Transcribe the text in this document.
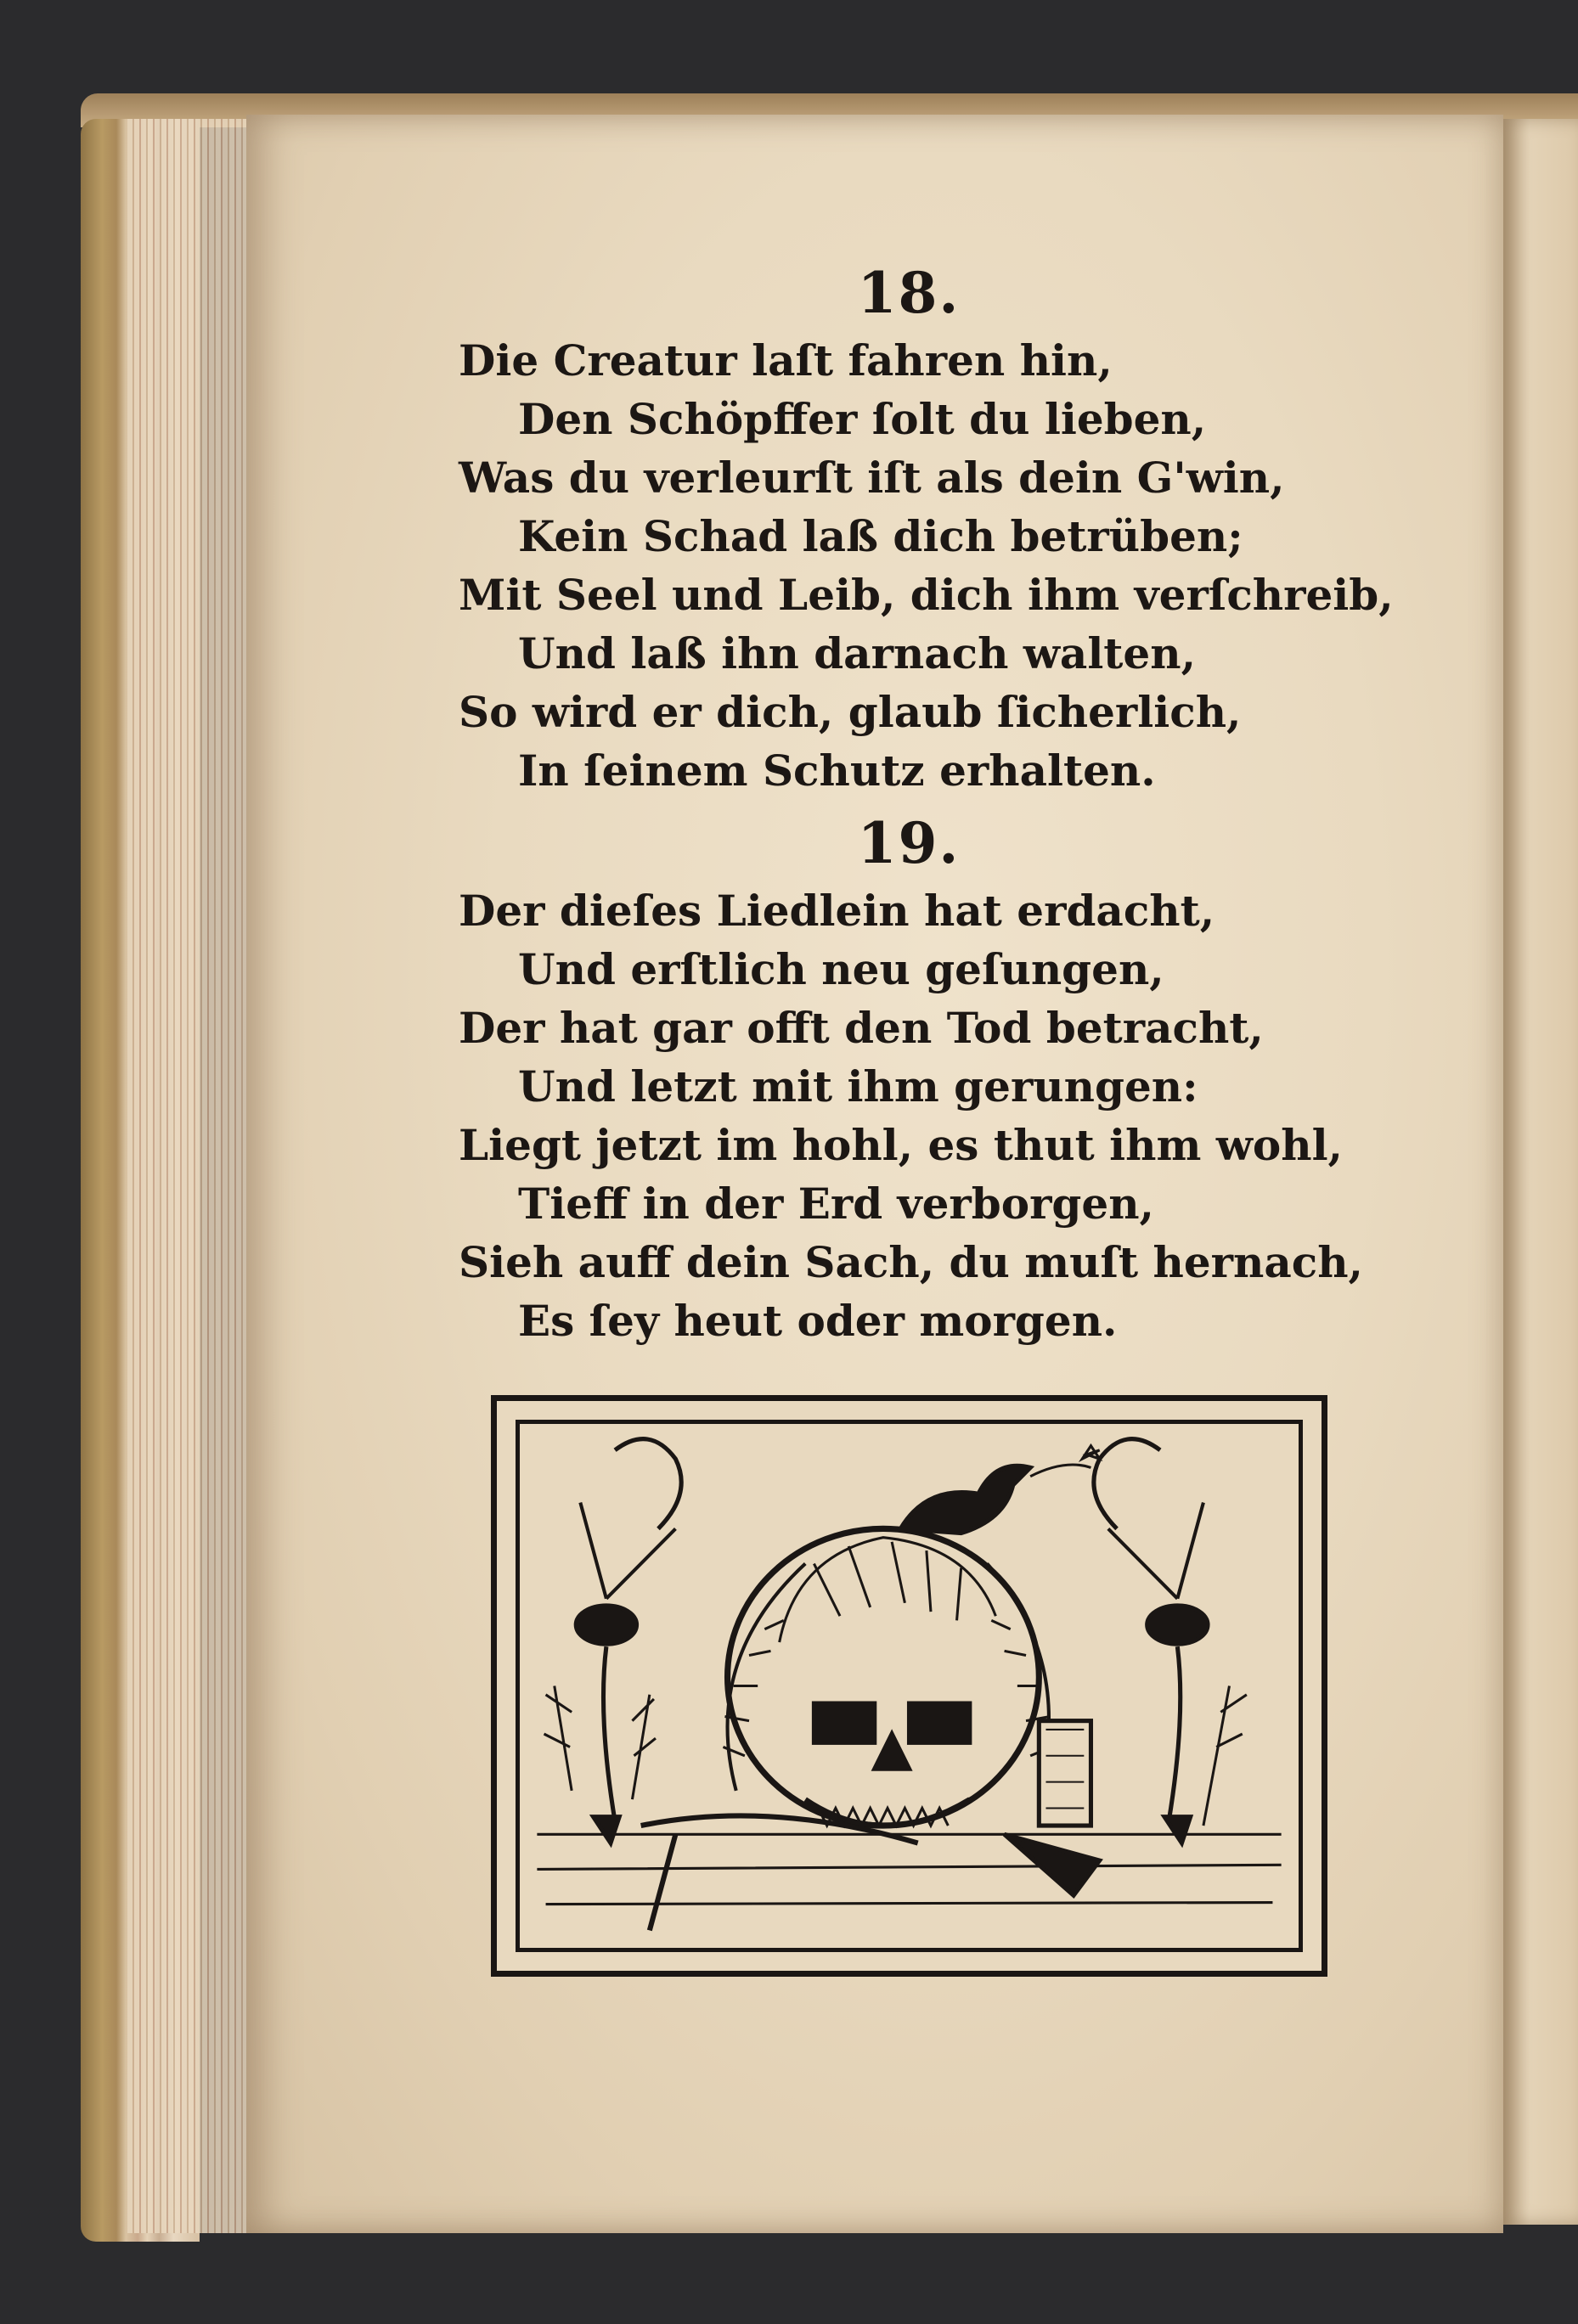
18.

Die Creatur laſt fahren hin,

Den Schöpffer ſolt du lieben,

Was du verleurſt iſt als dein G'win,

Kein Schad laß dich betrüben;

Mit Seel und Leib, dich ihm verſchreib,

Und laß ihn darnach walten,

So wird er dich, glaub ſicherlich,

In ſeinem Schutz erhalten.

19.

Der dieſes Liedlein hat erdacht,

Und erſtlich neu geſungen,

Der hat gar offt den Tod betracht,

Und letzt mit ihm gerungen:

Liegt jetzt im hohl, es thut ihm wohl,

Tieff in der Erd verborgen,

Sieh auff dein Sach, du muſt hernach,

Es ſey heut oder morgen.
